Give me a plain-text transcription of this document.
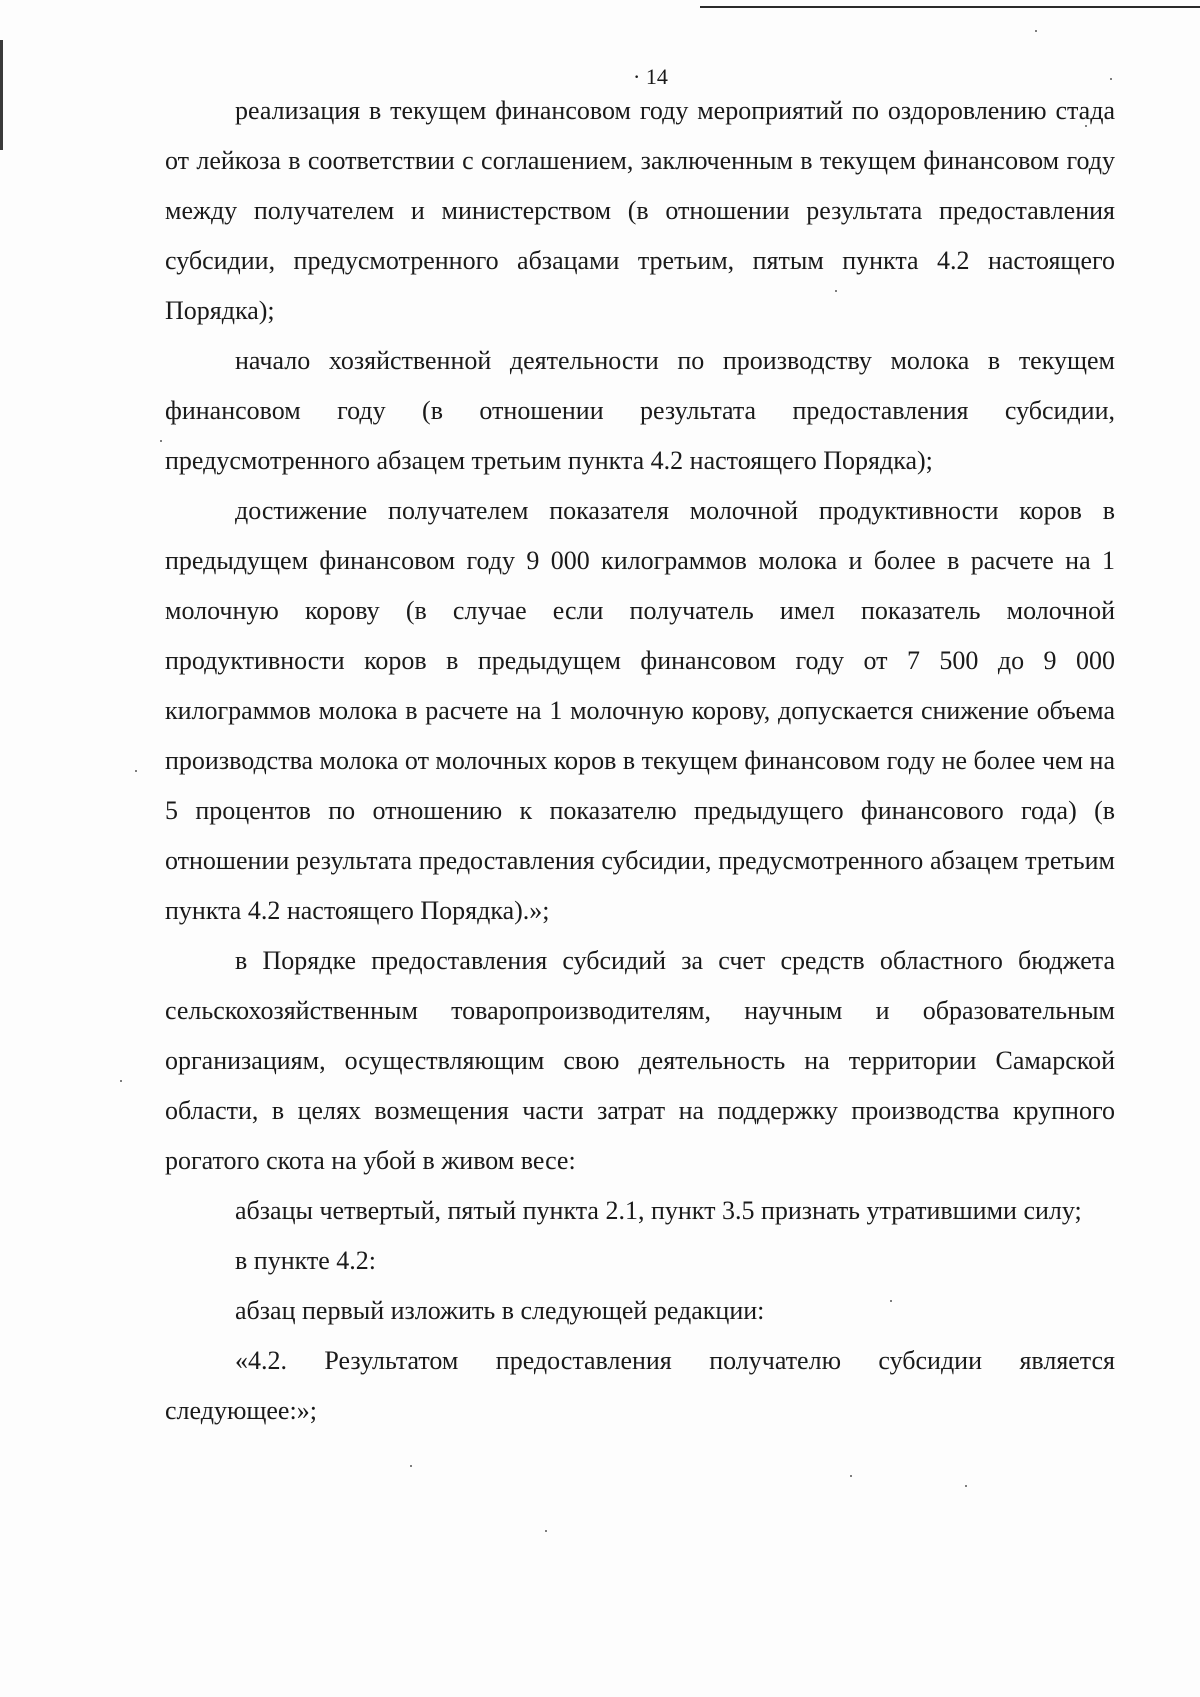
· 14

реализация в текущем финансовом году мероприятий по оздоровлению стада от лейкоза в соответствии с соглашением, заключенным в текущем финансовом году между получателем и министерством (в отношении результата предоставления субсидии, предусмотренного абзацами третьим, пятым пункта 4.2 настоящего Порядка);

начало хозяйственной деятельности по производству молока в текущем финансовом году (в отношении результата предоставления субсидии, предусмотренного абзацем третьим пункта 4.2 настоящего Порядка);

достижение получателем показателя молочной продуктивности коров в предыдущем финансовом году 9 000 килограммов молока и более в расчете на 1 молочную корову (в случае если получатель имел показатель молочной продуктивности коров в предыдущем финансовом году от 7 500 до 9 000 килограммов молока в расчете на 1 молочную корову, допускается снижение объема производства молока от молочных коров в текущем финансовом году не более чем на 5 процентов по отношению к показателю предыдущего финансового года) (в отношении результата предоставления субсидии, предусмотренного абзацем третьим пункта 4.2 настоящего Порядка).»;

в Порядке предоставления субсидий за счет средств областного бюджета сельскохозяйственным товаропроизводителям, научным и образовательным организациям, осуществляющим свою деятельность на территории Самарской области, в целях возмещения части затрат на поддержку производства крупного рогатого скота на убой в живом весе:

абзацы четвертый, пятый пункта 2.1, пункт 3.5 признать утратившими силу;

в пункте 4.2:

абзац первый изложить в следующей редакции:

«4.2. Результатом предоставления получателю субсидии является следующее:»;
